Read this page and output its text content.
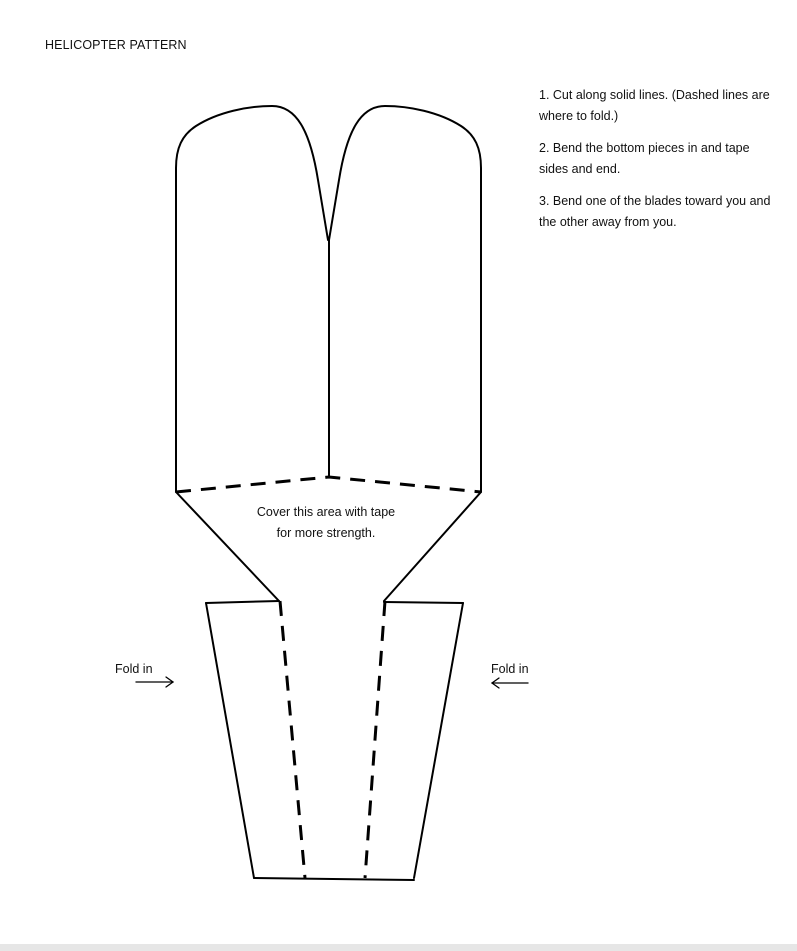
HELICOPTER PATTERN
1. Cut along solid lines. (Dashed lines are where to fold.)
2. Bend the bottom pieces in and tape sides and end.
3. Bend one of the blades toward you and the other away from you.
Cover this area with tape
for more strength.
Fold in	Fold in
